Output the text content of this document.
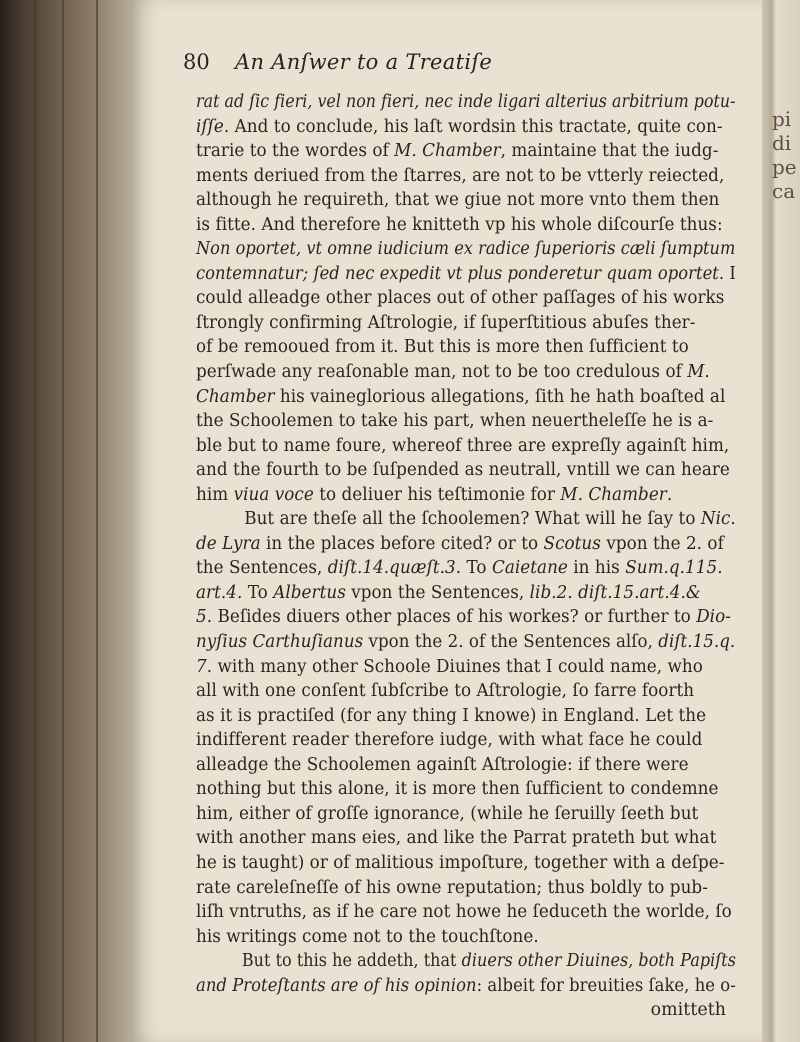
pi
di
pe
ca
80 An Anſwer to a Treatiſe
rat ad ſic fieri, vel non fieri, nec inde ligari alterius arbitrium potu-
iſſe. And to conclude, his laſt wordsin this tractate, quite con-
trarie to the wordes of M. Chamber, maintaine that the iudg-
ments deriued from the ſtarres, are not to be vtterly reiected,
although he requireth, that we giue not more vnto them then
is fitte. And therefore he knitteth vp his whole diſcourſe thus:
Non oportet, vt omne iudicium ex radice ſuperioris cæli ſumptum
contemnatur; ſed nec expedit vt plus ponderetur quam oportet. I
could alleadge other places out of other paſſages of his works
ſtrongly confirming Aſtrologie, if ſuperſtitious abuſes ther-
of be remooued from it. But this is more then ſufficient to
perſwade any reaſonable man, not to be too credulous of M.
Chamber his vaineglorious allegations, ſith he hath boaſted al
the Schoolemen to take his part, when neuertheleſſe he is a-
ble but to name foure, whereof three are expreſly againſt him,
and the fourth to be ſuſpended as neutrall, vntill we can heare
him viua voce to deliuer his teſtimonie for M. Chamber.
But are theſe all the ſchoolemen? What will he ſay to Nic.
de Lyra in the places before cited? or to Scotus vpon the 2. of
the Sentences, diſt.14.quæſt.3. To Caietane in his Sum.q.115.
art.4. To Albertus vpon the Sentences, lib.2. diſt.15.art.4.&
5. Beſides diuers other places of his workes? or further to Dio-
nyſius Carthuſianus vpon the 2. of the Sentences alſo, diſt.15.q.
7. with many other Schoole Diuines that I could name, who
all with one conſent ſubſcribe to Aſtrologie, ſo farre foorth
as it is practiſed (for any thing I knowe) in England. Let the
indifferent reader therefore iudge, with what face he could
alleadge the Schoolemen againſt Aſtrologie: if there were
nothing but this alone, it is more then ſufficient to condemne
him, either of groſſe ignorance, (while he ſeruilly ſeeth but
with another mans eies, and like the Parrat prateth but what
he is taught) or of malitious impoſture, together with a deſpe-
rate careleſneſſe of his owne reputation; thus boldly to pub-
liſh vntruths, as if he care not howe he ſeduceth the worlde, ſo
his writings come not to the touchſtone.
But to this he addeth, that diuers other Diuines, both Papiſts
and Proteſtants are of his opinion: albeit for breuities ſake, he o-
omitteth
